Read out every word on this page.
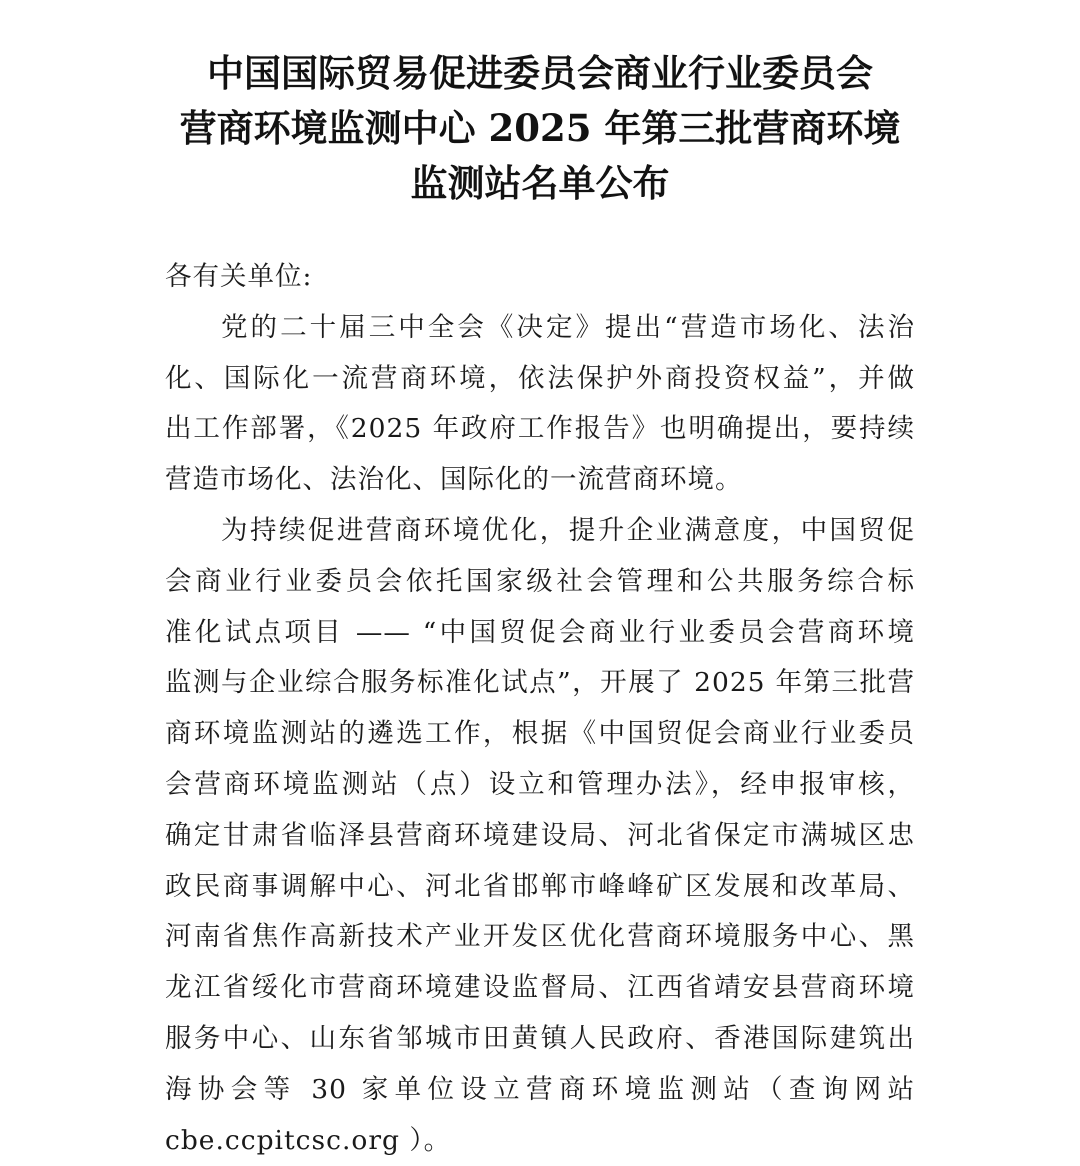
中国国际贸易促进委员会商业行业委员会
营商环境监测中心 2025 年第三批营商环境
监测站名单公布
各有关单位:
党的二十届三中全会《决定》提出“营造市场化、法治
化、国际化一流营商环境，依法保护外商投资权益”，并做
出工作部署，《2025 年政府工作报告》也明确提出，要持续
营造市场化、法治化、国际化的一流营商环境。
为持续促进营商环境优化，提升企业满意度，中国贸促
会商业行业委员会依托国家级社会管理和公共服务综合标
准化试点项目 —— “中国贸促会商业行业委员会营商环境
监测与企业综合服务标准化试点”，开展了 2025 年第三批营
商环境监测站的遴选工作，根据《中国贸促会商业行业委员
会营商环境监测站（点）设立和管理办法》，经申报审核，
确定甘肃省临泽县营商环境建设局、河北省保定市满城区忠
政民商事调解中心、河北省邯郸市峰峰矿区发展和改革局、
河南省焦作高新技术产业开发区优化营商环境服务中心、黑
龙江省绥化市营商环境建设监督局、江西省靖安县营商环境
服务中心、山东省邹城市田黄镇人民政府、香港国际建筑出
海协会等 30 家单位设立营商环境监测站（查询网站
cbe.ccpitcsc.org ）。
